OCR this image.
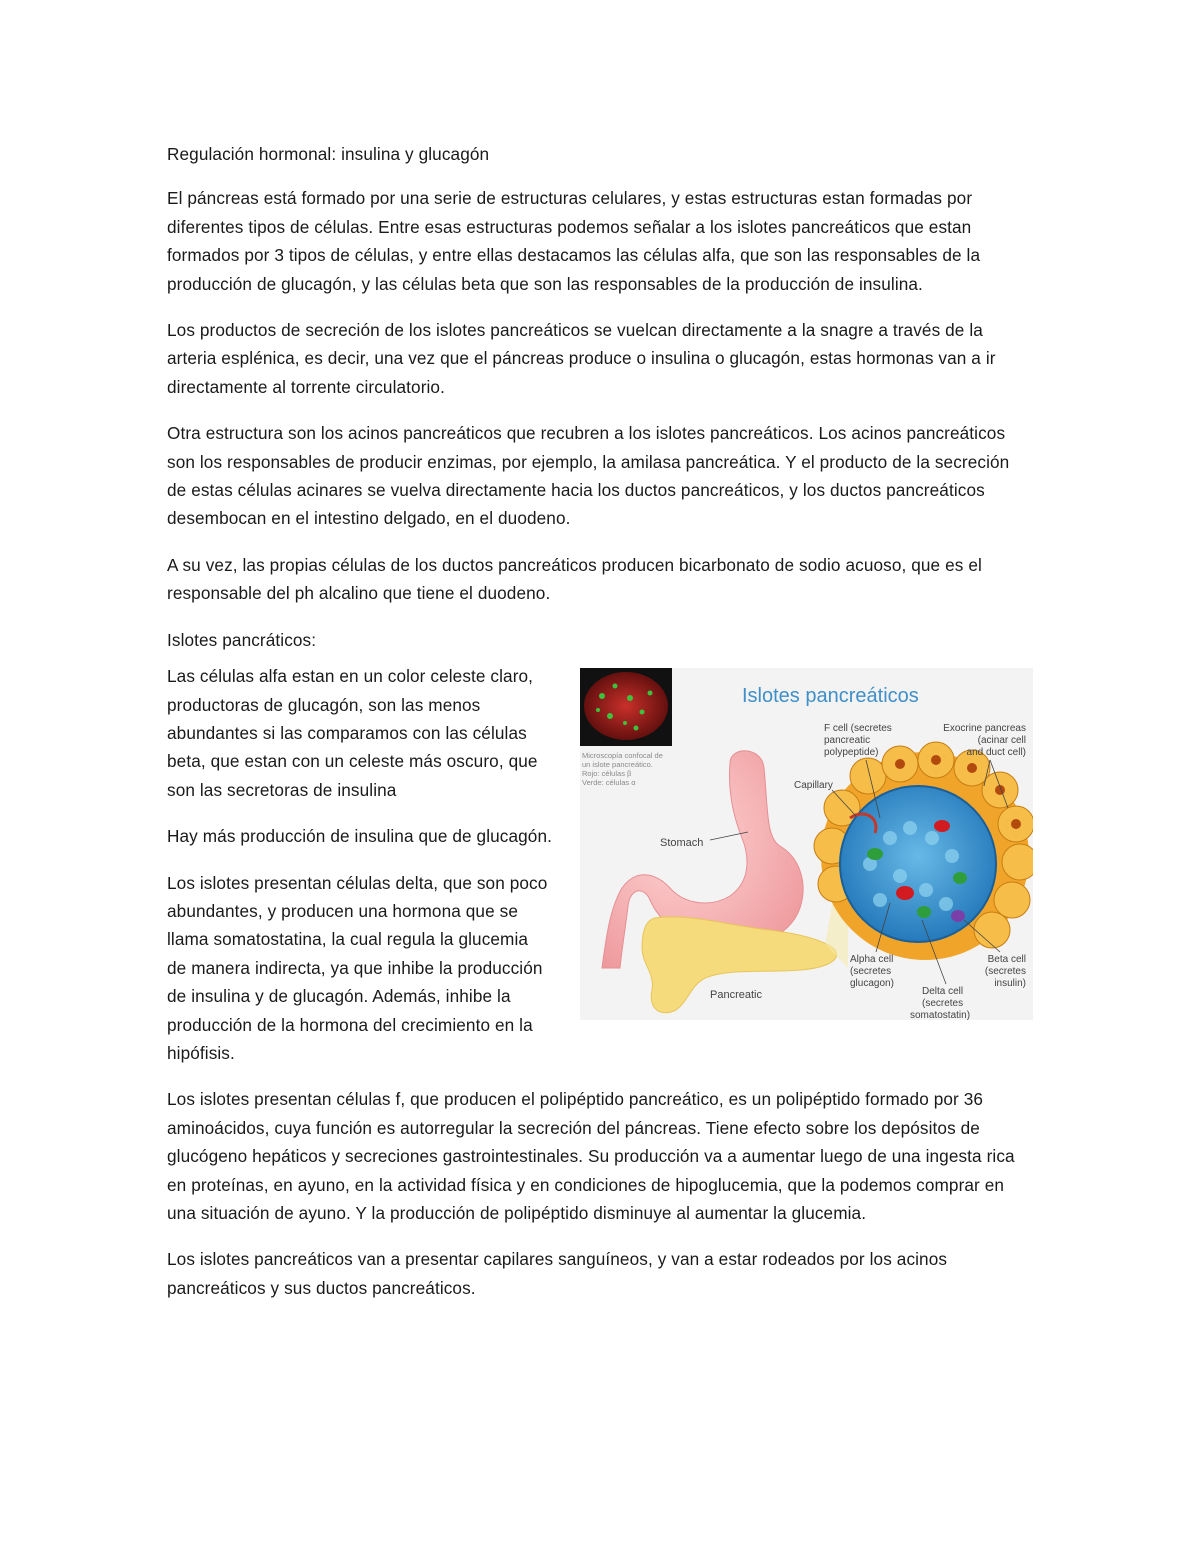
Regulación hormonal: insulina y glucagón

El páncreas está formado por una serie de estructuras celulares, y estas estructuras estan formadas por diferentes tipos de células. Entre esas estructuras podemos señalar a los islotes pancreáticos que estan formados por 3 tipos de células, y entre ellas destacamos las células alfa, que son las responsables de la producción de glucagón, y las células beta que son las responsables de la producción de insulina.

Los productos de secreción de los islotes pancreáticos se vuelcan directamente a la snagre a través de la arteria esplénica, es decir, una vez que el páncreas produce o insulina o glucagón, estas hormonas van a ir directamente al torrente circulatorio.

Otra estructura son los acinos pancreáticos que recubren a los islotes pancreáticos. Los acinos pancreáticos son los responsables de producir enzimas, por ejemplo, la amilasa pancreática. Y el producto de la secreción de estas células acinares se vuelva directamente hacia los ductos pancreáticos, y los ductos pancreáticos desembocan en el intestino delgado, en el duodeno.

A su vez, las propias células de los ductos pancreáticos producen bicarbonato de sodio acuoso, que es el responsable del ph alcalino que tiene el duodeno.

Islotes pancráticos:

Microscopía confocal de
un islote pancreático.
Rojo: células β
Verde: células α
Islotes pancreáticos
F cell (secretes
pancreatic
polypeptide)
Exocrine pancreas
(acinar cell
and duct cell)
Capillary
Stomach
Pancreatic
Alpha cell
(secretes
glucagon)
Delta cell
(secretes
somatostatin)
Beta cell
(secretes
insulin)

Las células alfa estan en un color celeste claro, productoras de glucagón, son las menos abundantes si las comparamos con las células beta, que estan con un celeste más oscuro, que son las secretoras de insulina

Hay más producción de insulina que de glucagón.

Los islotes presentan células delta, que son poco abundantes, y producen una hormona que se llama somatostatina, la cual regula la glucemia de manera indirecta, ya que inhibe la producción de insulina y de glucagón. Además, inhibe la producción de la hormona del crecimiento en la hipófisis.

Los islotes presentan células f, que producen el polipéptido pancreático, es un polipéptido formado por 36 aminoácidos, cuya función es autorregular la secreción del páncreas. Tiene efecto sobre los depósitos de glucógeno hepáticos y secreciones gastrointestinales. Su producción va a aumentar luego de una ingesta rica en proteínas, en ayuno, en la actividad física y en condiciones de hipoglucemia, que la podemos comprar en una situación de ayuno. Y la producción de polipéptido disminuye al aumentar la glucemia.

Los islotes pancreáticos van a presentar capilares sanguíneos, y van a estar rodeados por los acinos pancreáticos y sus ductos pancreáticos.
